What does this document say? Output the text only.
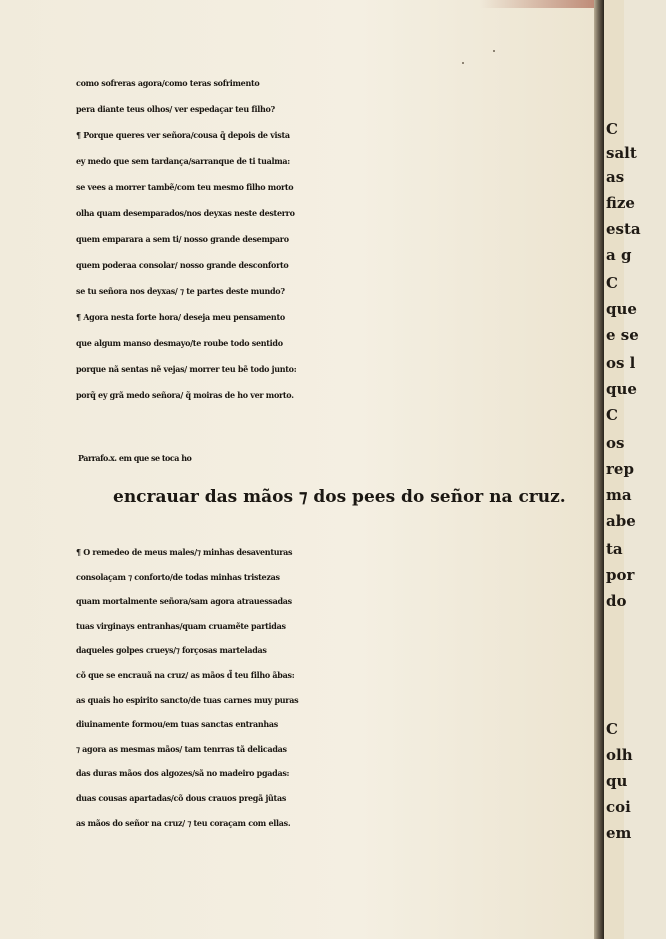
C
salt
as
fize
esta
a g
C
que
e se
os l
que
C
os
rep
ma
abe
ta
por
do
C
olh
qu
coi
em
como sofreras agora/como teras sofrimento
pera diante teus olhos/ ver espedaçar teu filho?
¶ Porque queres ver señora/cousa q̃ depois de vista
ey medo que sem tardança/sarranque de ti tualma:
se vees a morrer tambẽ/com teu mesmo filho morto
olha quam desemparados/nos deyxas neste desterro
quem emparara a sem ti/ nosso grande desemparo
quem poderaa consolar/ nosso grande desconforto
se tu señora nos deyxas/ ⁊ te partes deste mundo?
¶ Agora nesta forte hora/ deseja meu pensamento
que algum manso desmayo/te roube todo sentido
porque nã sentas nẽ vejas/ morrer teu bẽ todo junto:
porq̃ ey grã medo señora/ q̃ moiras de ho ver morto.
Parrafo.x. em que se toca ho
encrauar das mãos ⁊ dos pees do señor na cruz.
¶ O remedeo de meus males/⁊ minhas desaventuras
consolaçam ⁊ conforto/de todas minhas tristezas
quam mortalmente señora/sam agora atrauessadas
tuas virginays entranhas/quam cruamẽte partidas
daqueles golpes crueys/⁊ forçosas marteladas
cõ que se encrauã na cruz/ as mãos d̃ teu filho ãbas:
as quais ho espirito sancto/de tuas carnes muy puras
diuinamente formou/em tuas sanctas entranhas
⁊ agora as mesmas mãos/ tam tenrras tã delicadas
das duras mãos dos algozes/sã no madeiro pgadas:
duas cousas apartadas/cõ dous crauos pregã jũtas
as mãos do señor na cruz/ ⁊ teu coraçam com ellas.
